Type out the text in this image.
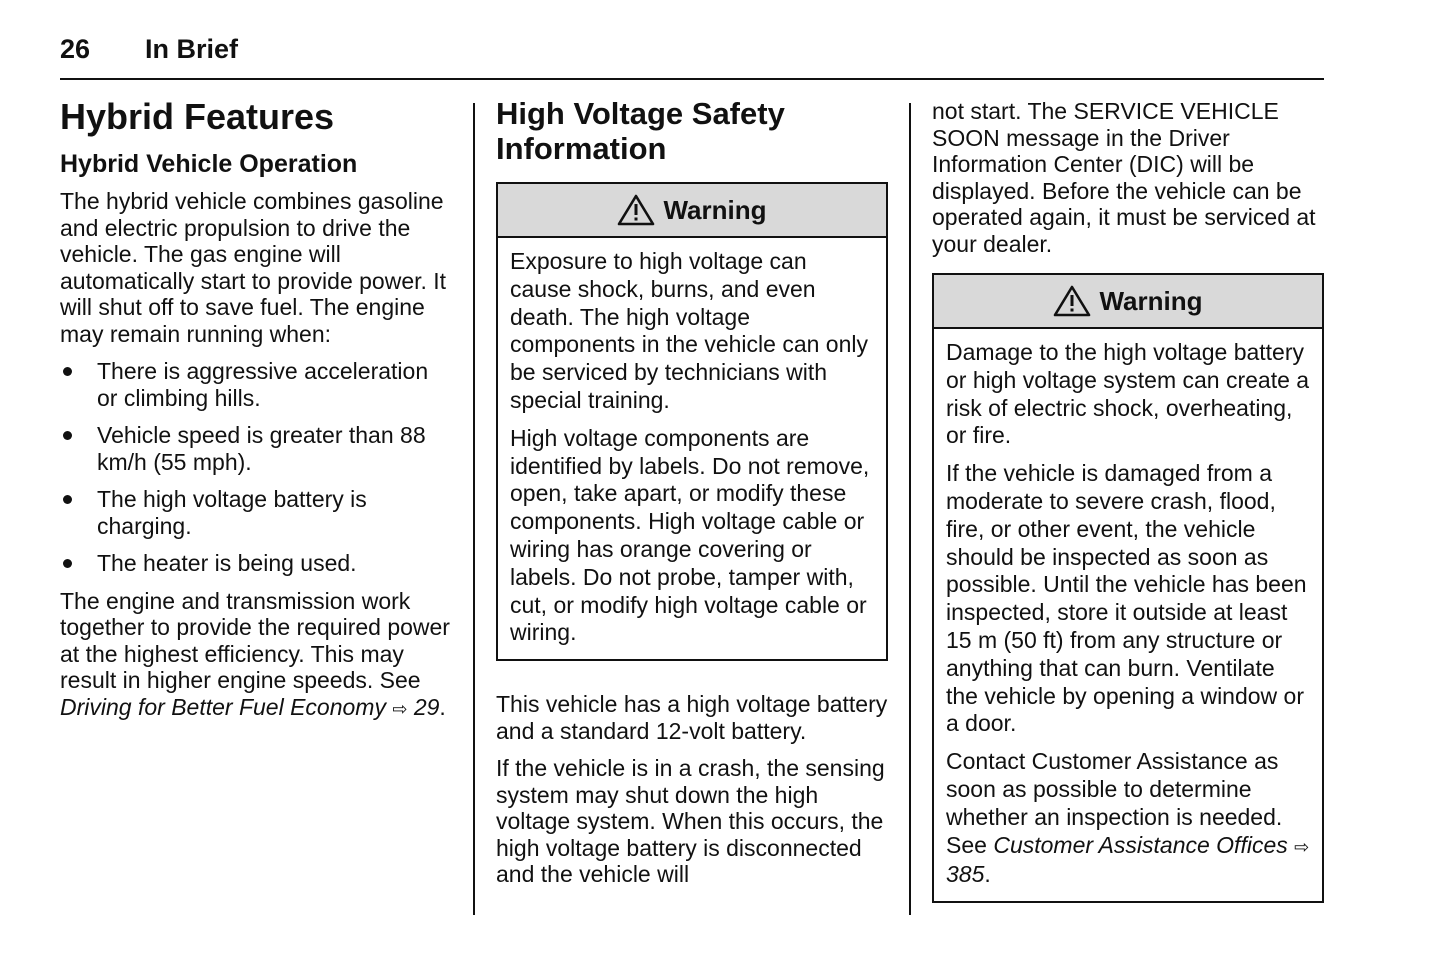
26 In Brief
Hybrid Features
Hybrid Vehicle Operation

The hybrid vehicle combines gasoline and electric propulsion to drive the vehicle. The gas engine will automatically start to provide power. It will shut off to save fuel. The engine may remain running when:

There is aggressive acceleration or climbing hills.
Vehicle speed is greater than 88 km/h (55 mph).
The high voltage battery is charging.
The heater is being used.

The engine and transmission work together to provide the required power at the highest efficiency. This may result in higher engine speeds. See Driving for Better Fuel Economy ⇨ 29.

High Voltage Safety Information
Warning

Exposure to high voltage can cause shock, burns, and even death. The high voltage components in the vehicle can only be serviced by technicians with special training.

High voltage components are identified by labels. Do not remove, open, take apart, or modify these components. High voltage cable or wiring has orange covering or labels. Do not probe, tamper with, cut, or modify high voltage cable or wiring.

This vehicle has a high voltage battery and a standard 12-volt battery.

If the vehicle is in a crash, the sensing system may shut down the high voltage system. When this occurs, the high voltage battery is disconnected and the vehicle will

not start. The SERVICE VEHICLE SOON message in the Driver Information Center (DIC) will be displayed. Before the vehicle can be operated again, it must be serviced at your dealer.

Warning

Damage to the high voltage battery or high voltage system can create a risk of electric shock, overheating, or fire.

If the vehicle is damaged from a moderate to severe crash, flood, fire, or other event, the vehicle should be inspected as soon as possible. Until the vehicle has been inspected, store it outside at least 15 m (50 ft) from any structure or anything that can burn. Ventilate the vehicle by opening a window or a door.

Contact Customer Assistance as soon as possible to determine whether an inspection is needed. See Customer Assistance Offices ⇨ 385.
